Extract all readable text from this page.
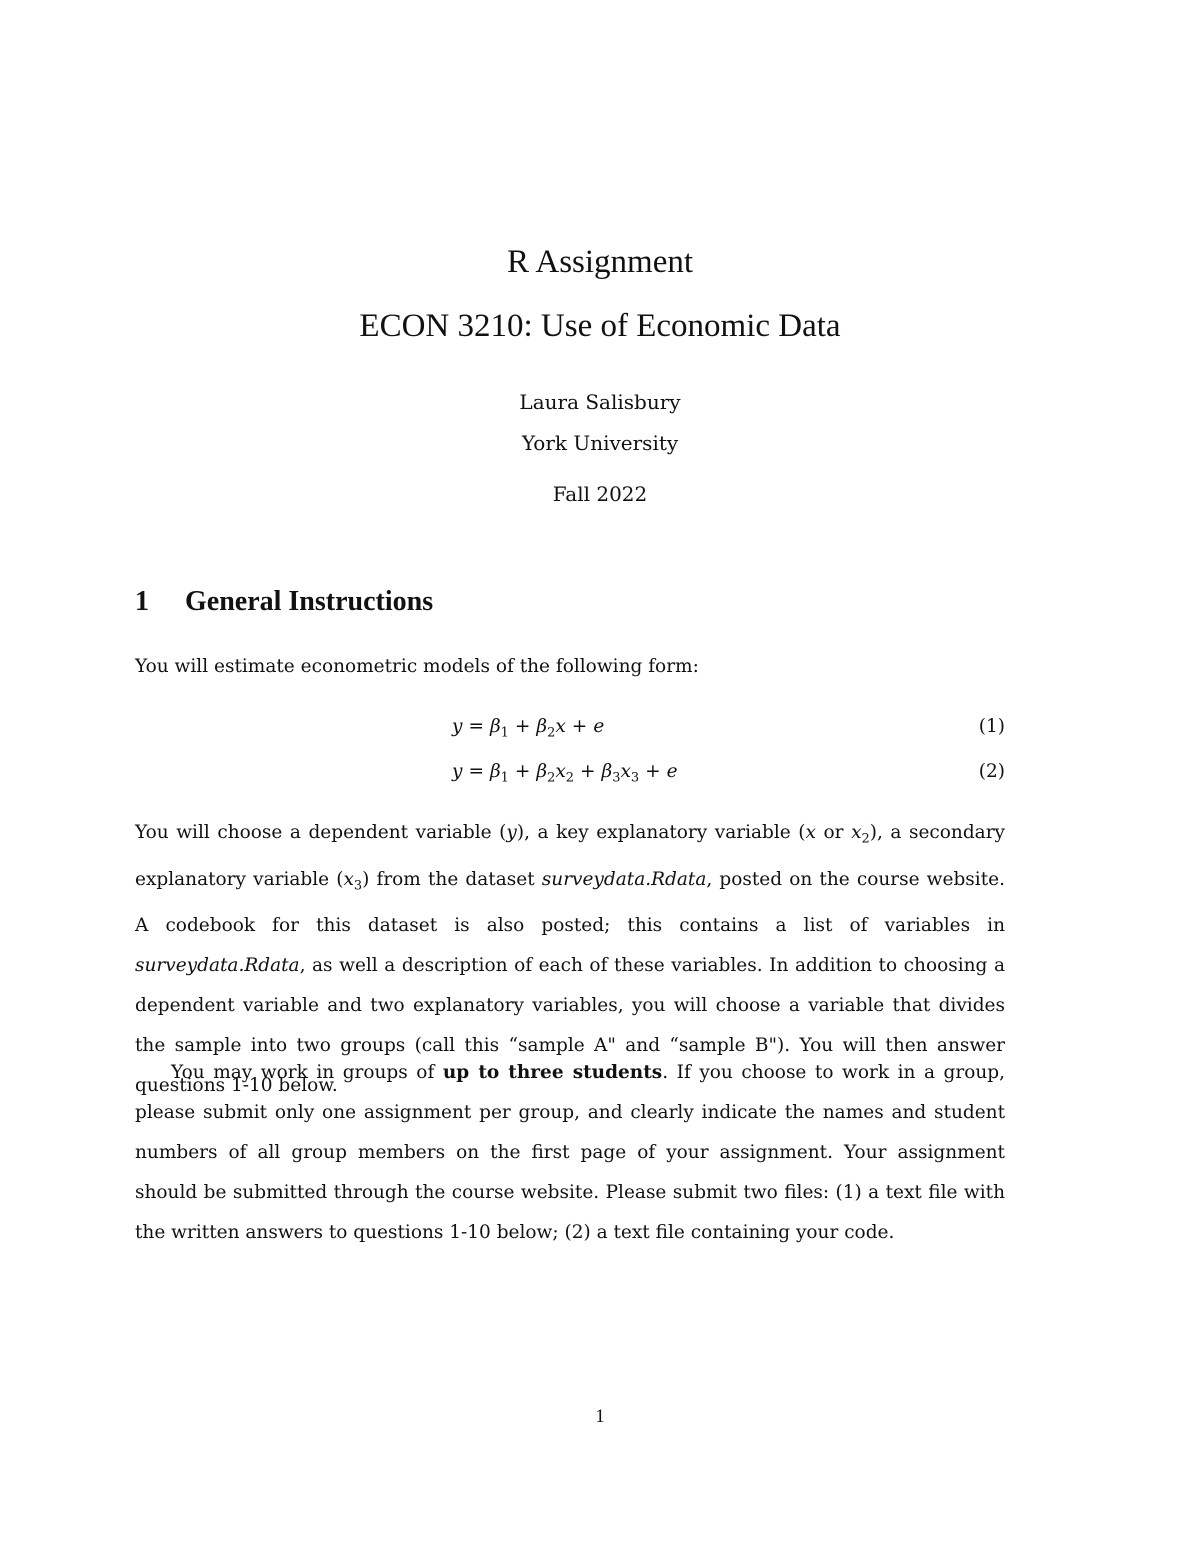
R Assignment
ECON 3210: Use of Economic Data
Laura Salisbury
York University
Fall 2022
1 General Instructions

You will estimate econometric models of the following form:

$y = \beta_1 + \beta_2x + e$	(1)
$y = \beta_1 + \beta_2x_2 + \beta_3x_3 + e$	(2)

You will choose a dependent variable (y), a key explanatory variable (x or $x_2$), a secondary explanatory variable $(x_3)$ from the dataset surveydata.Rdata, posted on the course website. A codebook for this dataset is also posted; this contains a list of variables in surveydata.Rdata, as well a description of each of these variables. In addition to choosing a dependent variable and two explanatory variables, you will choose a variable that divides the sample into two groups (call this “sample A" and “sample B"). You will then answer questions 1-10 below.

You may work in groups of up to three students. If you choose to work in a group, please submit only one assignment per group, and clearly indicate the names and student numbers of all group members on the first page of your assignment. Your assignment should be submitted through the course website. Please submit two files: (1) a text file with the written answers to questions 1-10 below; (2) a text file containing your code.

1
